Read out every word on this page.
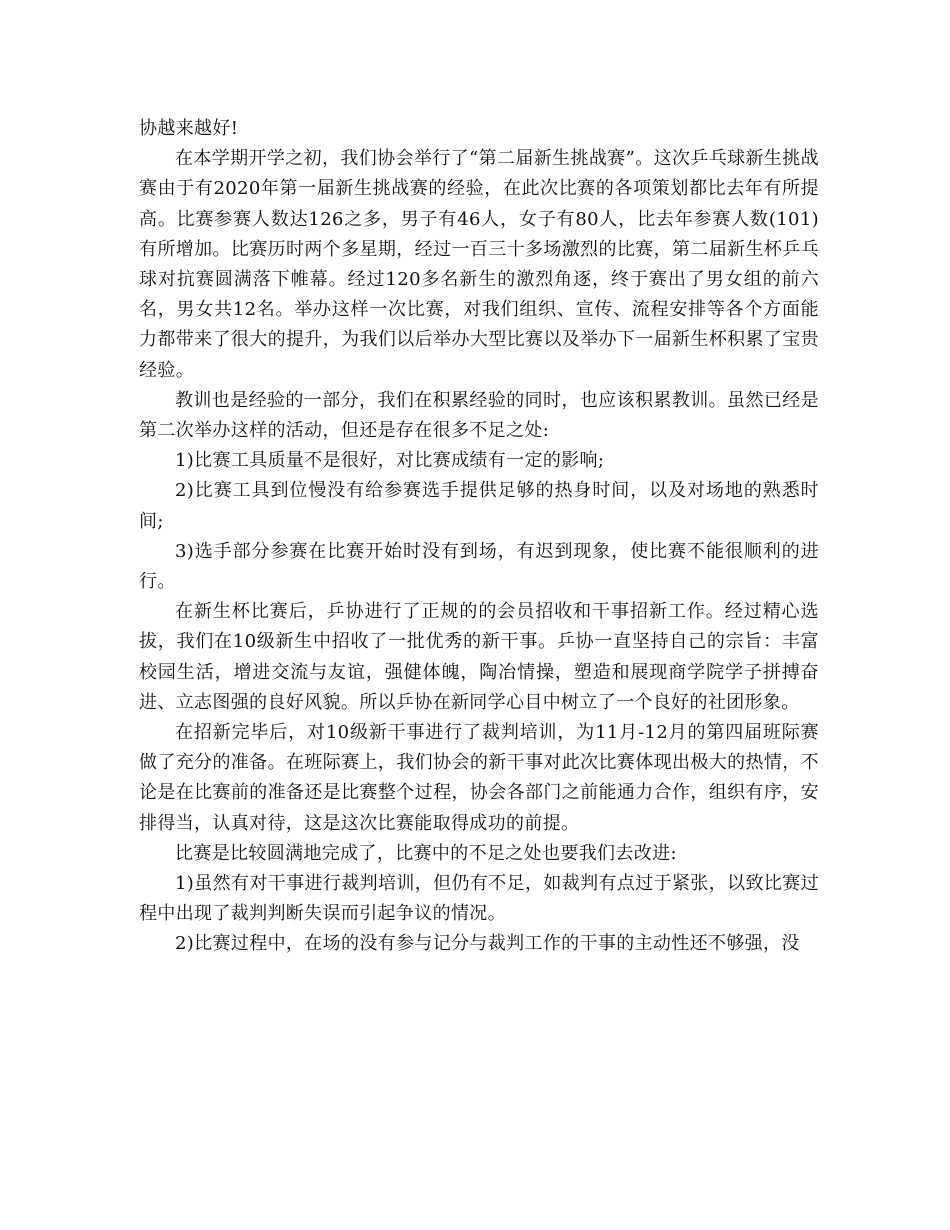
协越来越好!

在本学期开学之初，我们协会举行了“第二届新生挑战赛”。这次乒乓球新生挑战赛由于有2020年第一届新生挑战赛的经验，在此次比赛的各项策划都比去年有所提高。比赛参赛人数达126之多，男子有46人，女子有80人，比去年参赛人数(101)有所增加。比赛历时两个多星期，经过一百三十多场激烈的比赛，第二届新生杯乒乓球对抗赛圆满落下帷幕。经过120多名新生的激烈角逐，终于赛出了男女组的前六名，男女共12名。举办这样一次比赛，对我们组织、宣传、流程安排等各个方面能力都带来了很大的提升，为我们以后举办大型比赛以及举办下一届新生杯积累了宝贵经验。

教训也是经验的一部分，我们在积累经验的同时，也应该积累教训。虽然已经是第二次举办这样的活动，但还是存在很多不足之处:

1)比赛工具质量不是很好，对比赛成绩有一定的影响;

2)比赛工具到位慢没有给参赛选手提供足够的热身时间，以及对场地的熟悉时间;

3)选手部分参赛在比赛开始时没有到场，有迟到现象，使比赛不能很顺利的进行。

在新生杯比赛后，乒协进行了正规的的会员招收和干事招新工作。经过精心选拔，我们在10级新生中招收了一批优秀的新干事。乒协一直坚持自己的宗旨：丰富校园生活，增进交流与友谊，强健体魄，陶冶情操，塑造和展现商学院学子拼搏奋进、立志图强的良好风貌。所以乒协在新同学心目中树立了一个良好的社团形象。

在招新完毕后，对10级新干事进行了裁判培训，为11月-12月的第四届班际赛做了充分的准备。在班际赛上，我们协会的新干事对此次比赛体现出极大的热情，不论是在比赛前的准备还是比赛整个过程，协会各部门之前能通力合作，组织有序，安排得当，认真对待，这是这次比赛能取得成功的前提。

比赛是比较圆满地完成了，比赛中的不足之处也要我们去改进:

1)虽然有对干事进行裁判培训，但仍有不足，如裁判有点过于紧张，以致比赛过程中出现了裁判判断失误而引起争议的情况。

2)比赛过程中，在场的没有参与记分与裁判工作的干事的主动性还不够强，没
